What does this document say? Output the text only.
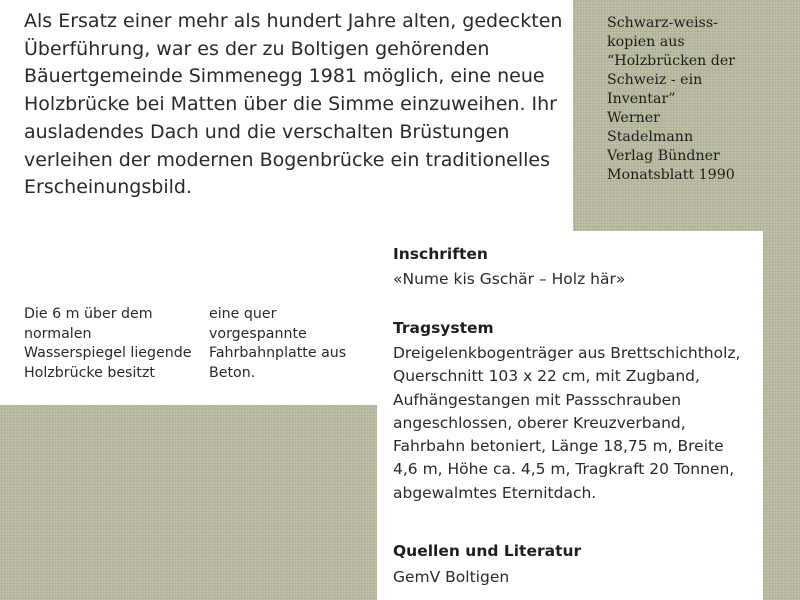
Als Ersatz einer mehr als hundert Jahre alten, gedeckten Überführung, war es der zu Boltigen gehörenden Bäuertgemeinde Simmenegg 1981 möglich, eine neue Holzbrücke bei Matten über die Simme einzuweihen. Ihr ausladendes Dach und die verschalten Brüstungen verleihen der modernen Bogenbrücke ein traditionelles Erscheinungsbild.

Die 6 m über dem normalen Wasserspiegel liegende Holzbrücke besitzt

eine quer vorgespannte Fahrbahnplatte aus Beton.

Schwarz-weiss-
kopien aus
“Holzbrücken der
Schweiz - ein
Inventar”
Werner
Stadelmann
Verlag Bündner
Monatsblatt 1990
Inschriften

«Nume kis Gschär – Holz här»

Tragsystem

Dreigelenkbogenträger aus Brettschichtholz, Querschnitt 103 x 22 cm, mit Zugband, Aufhängestangen mit Passschrauben angeschlossen, oberer Kreuzverband, Fahrbahn betoniert, Länge 18,75 m, Breite 4,6 m, Höhe ca. 4,5 m, Tragkraft 20 Tonnen, abgewalmtes Eternitdach.

Quellen und Literatur

GemV Boltigen
